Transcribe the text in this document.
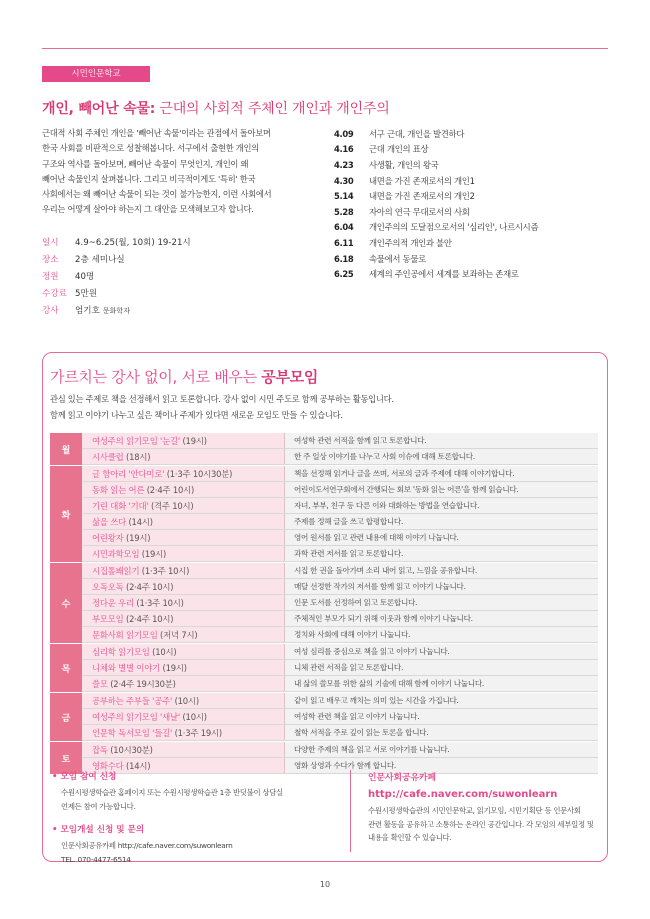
시민인문학교
개인, 빼어난 속물: 근대의 사회적 주체인 개인과 개인주의
근대적 사회 주체인 개인을 '빼어난 속물'이라는 관점에서 돌아보며
한국 사회를 비판적으로 성찰해봅니다. 서구에서 출현한 개인의
구조와 역사를 돌아보며, 빼어난 속물이 무엇인지, 개인이 왜
빼어난 속물인지 살펴봅니다. 그리고 비극적이게도 '특히' 한국
사회에서는 왜 빼어난 속물이 되는 것이 불가능한지, 이런 사회에서
우리는 어떻게 살아야 하는지 그 대안을 모색해보고자 합니다.
일시	4.9~6.25(월, 10회) 19-21시
장소	2층 세미나실
정원	40명
수강료 5만원
강사	엄기호 문화학자
4.09	서구 근대, 개인을 발견하다
4.16	근대 개인의 표상
4.23	사생활, 개인의 왕국
4.30	내면을 가진 존재로서의 개인1
5.14	내면을 가진 존재로서의 개인2
5.28	자아의 연극 무대로서의 사회
6.04	개인주의의 도달점으로서의 '심리인', 나르시시즘
6.11	개인주의적 개인과 불안
6.18	속물에서 동물로
6.25	세계의 주인공에서 세계를 보좌하는 존재로
가르치는 강사 없이, 서로 배우는 공부모임
관심 있는 주제로 책을 선정해서 읽고 토론합니다. 강사 없이 시민 주도로 함께 공부하는 활동입니다.
함께 읽고 이야기 나누고 싶은 책이나 주제가 있다면 새로운 모임도 만들 수 있습니다.
월
여성주의 읽기모임 '눈길' (19시)	여성학 관련 서적을 함께 읽고 토론합니다.
시사클럽 (18시)	한 주 일상 이야기를 나누고 사회 이슈에 대해 토론합니다.
화
글 함아리 '안다미로' (1·3주 10시30분)	책을 선정해 읽거나 글을 쓰며, 서로의 글과 주제에 대해 이야기합니다.
동화 읽는 어른 (2·4주 10시)	어린이도서연구회에서 간행되는 회보 '동화 읽는 어른'을 함께 읽습니다.
기린 대화 '기대' (격주 10시)	자녀, 부부, 친구 등 다른 이와 대화하는 방법을 연습합니다.
삶을 쓰다 (14시)	주제를 정해 글을 쓰고 합평합니다.
어린왕자 (19시)	영어 원서를 읽고 관련 내용에 대해 이야기 나눕니다.
시민과학모임 (19시)	과학 관련 저서를 읽고 토론합니다.
수
시집톺봬읽기 (1·3주 10시)	시집 한 권을 돌아가며 소리 내어 읽고, 느낌을 공유합니다.
오독오독 (2·4주 10시)	매달 선정한 작가의 저서를 함께 읽고 이야기 나눕니다.
정다운 우리 (1·3주 10시)	인문 도서를 선정하여 읽고 토론합니다.
부모모임 (2·4주 10시)	주체적인 부모가 되기 위해 이웃과 함께 이야기 나눕니다.
문화사회 읽기모임 (저녁 7시)	정치와 사회에 대해 이야기 나눕니다.
목
심리학 읽기모임 (10시)	여성 심리를 중심으로 책을 읽고 이야기 나눕니다.
니체와 별별 이야기 (19시)	니체 관련 서적을 읽고 토론합니다.
쓸모 (2·4주 19시30분)	내 삶의 쓸모를 위한 삶의 기술에 대해 함께 이야기 나눕니다.
금
공부하는 주부들 '공주' (10시)	같이 읽고 배우고 깨치는 의미 있는 시간을 가집니다.
여성주의 읽기모임 '새날' (10시)	여성학 관련 책을 읽고 이야기 나눕니다.
인문학 독서모임 '들길' (1·3주 19시)	철학 서적을 주로 깊이 읽는 토론을 합니다.
토
잡독 (10시30분)	다양한 주제의 책을 읽고 서로 이야기를 나눕니다.
영화수다 (14시)	영화 상영과 수다가 함께 합니다.
• 모임 참여 신청
수원시평생학습관 홈페이지 또는 수원시평생학습관 1층 반딧불이 상담실
언제든 참여 가능합니다.
• 모임개설 신청 및 문의
인문사회공유카페 http://cafe.naver.com/suwonlearn
TEL. 070-4477-6514
인문사회공유카페
http://cafe.naver.com/suwonlearn
수원시평생학습관의 시민인문학교, 읽기모임, 시민기획단 등 인문사회
관련 활동을 공유하고 소통하는 온라인 공간입니다. 각 모임의 세부일정 및
내용을 확인할 수 있습니다.
10
